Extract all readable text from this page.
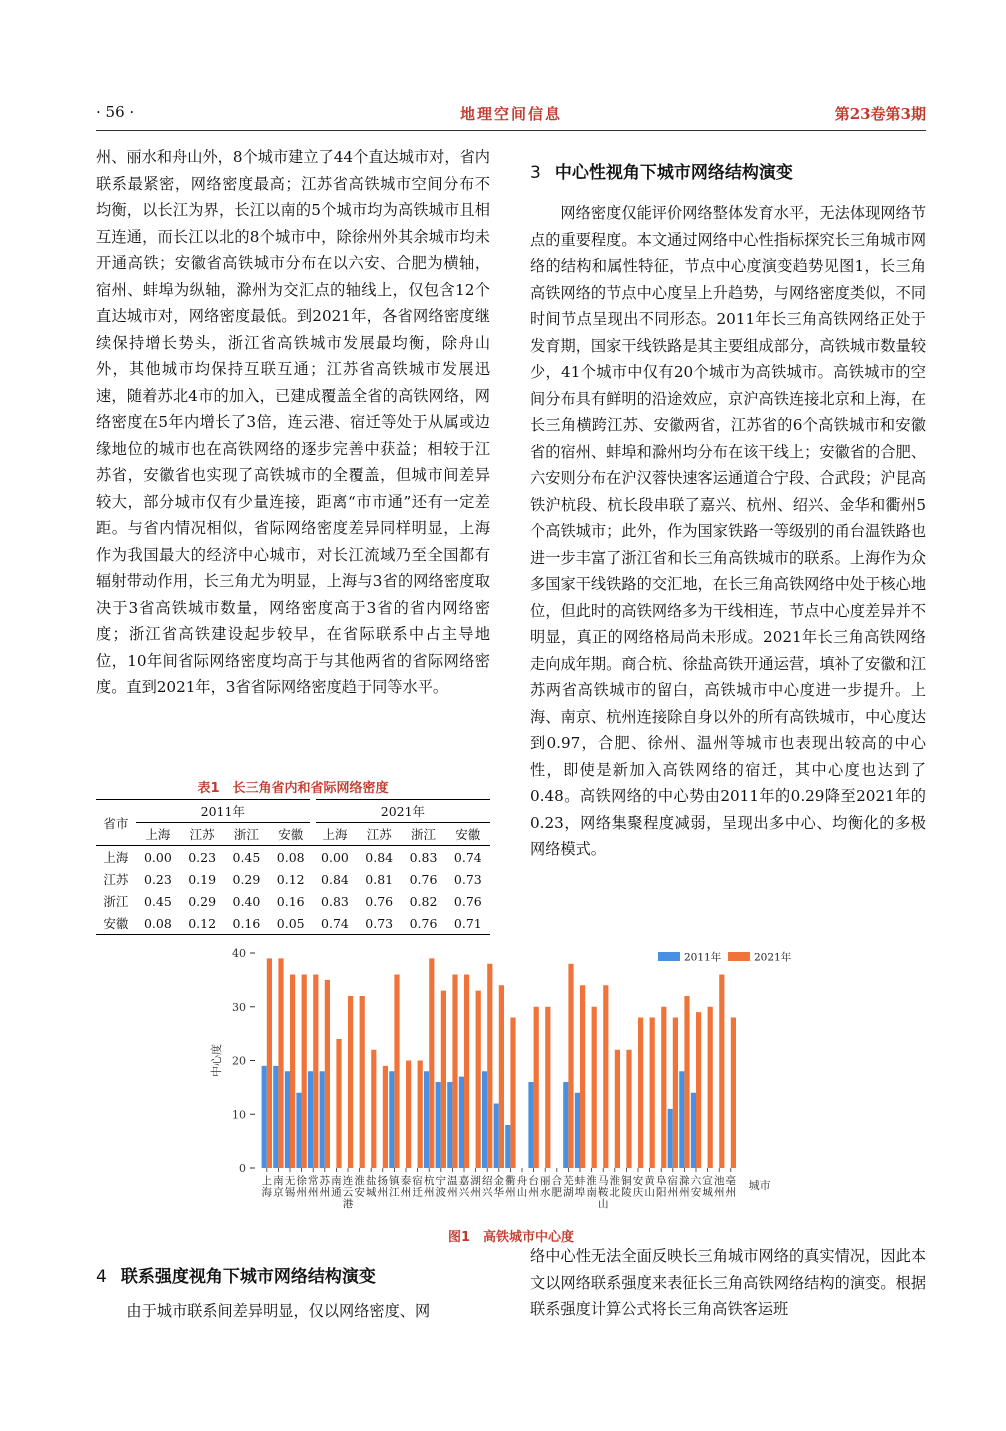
· 56 ·	地理空间信息	第23卷第3期

州、丽水和舟山外，8个城市建立了44个直达城市对，省内联系最紧密，网络密度最高；江苏省高铁城市空间分布不均衡，以长江为界，长江以南的5个城市均为高铁城市且相互连通，而长江以北的8个城市中，除徐州外其余城市均未开通高铁；安徽省高铁城市分布在以六安、合肥为横轴，宿州、蚌埠为纵轴，滁州为交汇点的轴线上，仅包含12个直达城市对，网络密度最低。到2021年，各省网络密度继续保持增长势头，浙江省高铁城市发展最均衡，除舟山外，其他城市均保持互联互通；江苏省高铁城市发展迅速，随着苏北4市的加入，已建成覆盖全省的高铁网络，网络密度在5年内增长了3倍，连云港、宿迁等处于从属或边缘地位的城市也在高铁网络的逐步完善中获益；相较于江苏省，安徽省也实现了高铁城市的全覆盖，但城市间差异较大，部分城市仅有少量连接，距离“市市通”还有一定差距。与省内情况相似，省际网络密度差异同样明显，上海作为我国最大的经济中心城市，对长江流域乃至全国都有辐射带动作用，长三角尤为明显，上海与3省的网络密度取决于3省高铁城市数量，网络密度高于3省的省内网络密度；浙江省高铁建设起步较早，在省际联系中占主导地位，10年间省际网络密度均高于与其他两省的省际网络密度。直到2021年，3省省际网络密度趋于同等水平。

表1　长三角省内和省际网络密度
省市	2011年				2021年			
	上海	江苏	浙江	安徽	上海	江苏	浙江	安徽
上海	0.00	0.23	0.45	0.08	0.00	0.84	0.83	0.74
江苏	0.23	0.19	0.29	0.12	0.84	0.81	0.76	0.73
浙江	0.45	0.29	0.40	0.16	0.83	0.76	0.82	0.76
安徽	0.08	0.12	0.16	0.05	0.74	0.73	0.76	0.71
3 中心性视角下城市网络结构演变

网络密度仅能评价网络整体发育水平，无法体现网络节点的重要程度。本文通过网络中心性指标探究长三角城市网络的结构和属性特征，节点中心度演变趋势见图1，长三角高铁网络的节点中心度呈上升趋势，与网络密度类似，不同时间节点呈现出不同形态。2011年长三角高铁网络正处于发育期，国家干线铁路是其主要组成部分，高铁城市数量较少，41个城市中仅有20个城市为高铁城市。高铁城市的空间分布具有鲜明的沿途效应，京沪高铁连接北京和上海，在长三角横跨江苏、安徽两省，江苏省的6个高铁城市和安徽省的宿州、蚌埠和滁州均分布在该干线上；安徽省的合肥、六安则分布在沪汉蓉快速客运通道合宁段、合武段；沪昆高铁沪杭段、杭长段串联了嘉兴、杭州、绍兴、金华和衢州5个高铁城市；此外，作为国家铁路一等级别的甬台温铁路也进一步丰富了浙江省和长三角高铁城市的联系。上海作为众多国家干线铁路的交汇地，在长三角高铁网络中处于核心地位，但此时的高铁网络多为干线相连，节点中心度差异并不明显，真正的网络格局尚未形成。2021年长三角高铁网络走向成年期。商合杭、徐盐高铁开通运营，填补了安徽和江苏两省高铁城市的留白，高铁城市中心度进一步提升。上海、南京、杭州连接除自身以外的所有高铁城市，中心度达到0.97，合肥、徐州、温州等城市也表现出较高的中心性，即使是新加入高铁网络的宿迁，其中心度也达到了0.48。高铁网络的中心势由2011年的0.29降至2021年的0.23，网络集聚程度减弱，呈现出多中心、均衡化的多极网络模式。

0
10
20
30
40
中心度
上
海
南
京
无
锡
徐
州
常
州
苏
州
南
通
连
云
港
淮
安
盐
城
扬
州
镇
江
泰
州
宿
迁
杭
州
宁
波
温
州
嘉
兴
湖
州
绍
兴
金
华
衢
州
舟
山
台
州
丽
水
合
肥
芜
湖
蚌
埠
淮
南
马
鞍
山
淮
北
铜
陵
安
庆
黄
山
阜
阳
宿
州
滁
州
六
安
宣
城
池
州
亳
州
城市
2011年	2021年
图1　高铁城市中心度
4 联系强度视角下城市网络结构演变

由于城市联系间差异明显，仅以网络密度、网

络中心性无法全面反映长三角城市网络的真实情况，因此本文以网络联系强度来表征长三角高铁网络结构的演变。根据联系强度计算公式将长三角高铁客运班
